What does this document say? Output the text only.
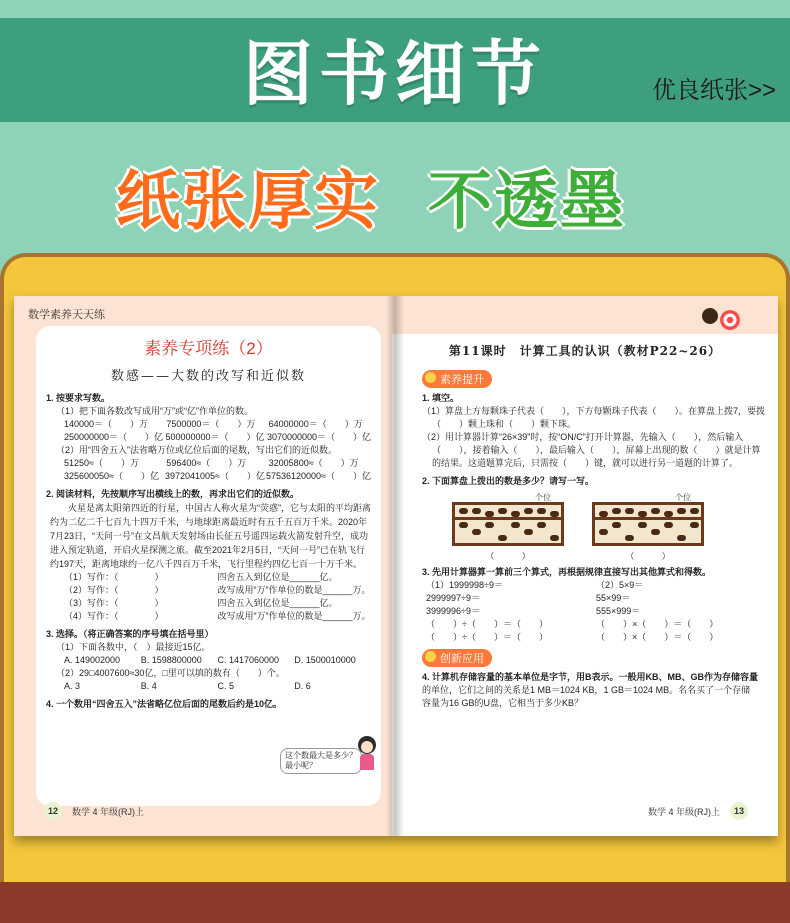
图书细节	优良纸张>>
纸张厚实 不透墨
数学素养天天练
素养专项练（2）
数感——大数的改写和近似数
1. 按要求写数。
（1）把下面各数改写成用“万”或“亿”作单位的数。
140000＝（　　）万	7500000＝（　　）万	64000000＝（　　）万
250000000＝（　　）亿 500000000＝（　　）亿 3070000000＝（　　）亿
（2）用“四舍五入”法省略万位或亿位后面的尾数，写出它们的近似数。
51250≈（　　）万	596400≈（　　）万	32005800≈（　　）万
325600050≈（　　）亿 3972041005≈（　　）亿 57536120000≈（　　）亿
2. 阅读材料，先按顺序写出横线上的数，再求出它们的近似数。
火星是离太阳第四近的行星，中国古人称火星为“荧惑”，它与太阳的平均距离约为二亿二千七百九十四万千米，与地球距离最近时有五千五百万千米。2020年7月23日，“天问一号”在文昌航天发射场由长征五号遥四运载火箭发射升空，成功进入预定轨道，开启火星探测之旅。截至2021年2月5日，“天问一号”已在轨飞行约197天，距离地球约一亿八千四百万千米，飞行里程约四亿七百一十万千米。
（1）写作：（　　　　）	四舍五入到亿位是______亿。
（2）写作：（　　　　）	改写成用“万”作单位的数是______万。
（3）写作：（　　　　）	四舍五入到亿位是______亿。
（4）写作：（　　　　）	改写成用“万”作单位的数是______万。
3. 选择。（将正确答案的序号填在括号里）
（1）下面各数中，（　）最接近15亿。
A. 149002000	B. 1598800000	C. 1417060000	D. 1500010000
（2）29□4007600≈30亿，□里可以填的数有（　　）个。
A. 3	B. 4	C. 5	D. 6
4. 一个数用“四舍五入”法省略亿位后面的尾数后约是10亿。
这个数最大是多少？最小呢？
12	数学 4 年级(RJ)上
第11课时　计算工具的认识（教材P22~26）
素养提升
1. 填空。
（1）算盘上方每颗珠子代表（　　），下方每颗珠子代表（　　）。在算盘上拨7，要拨
（　　）颗上珠和（　　）颗下珠。
（2）用计算器计算“26×39”时，按“ON/C”打开计算器，先输入（　　），然后输入
（　　），接着输入（　　），最后输入（　　），屏幕上出现的数（　　）就是计算
的结果。这道题算完后，只需按（　　）键，就可以进行另一道题的计算了。
2. 下面算盘上拨出的数是多少？请写一写。
个位
（　　　）
个位
（　　　）
3. 先用计算器算一算前三个算式，再根据规律直接写出其他算式和得数。
（1）1999998÷9＝	（2）5×9＝
2999997÷9＝	55×99＝
3999996÷9＝	555×999＝
（　　）÷（　　）＝（　　）	（　　）×（　　）＝（　　）
（　　）÷（　　）＝（　　）	（　　）×（　　）＝（　　）
创新应用
4. 计算机存储容量的基本单位是字节，用B表示。一般用KB、MB、GB作为存储容量
的单位，它们之间的关系是1 MB＝1024 KB，1 GB＝1024 MB。名名买了一个存储
容量为16 GB的U盘，它相当于多少KB？
数学 4 年级(RJ)上	13
